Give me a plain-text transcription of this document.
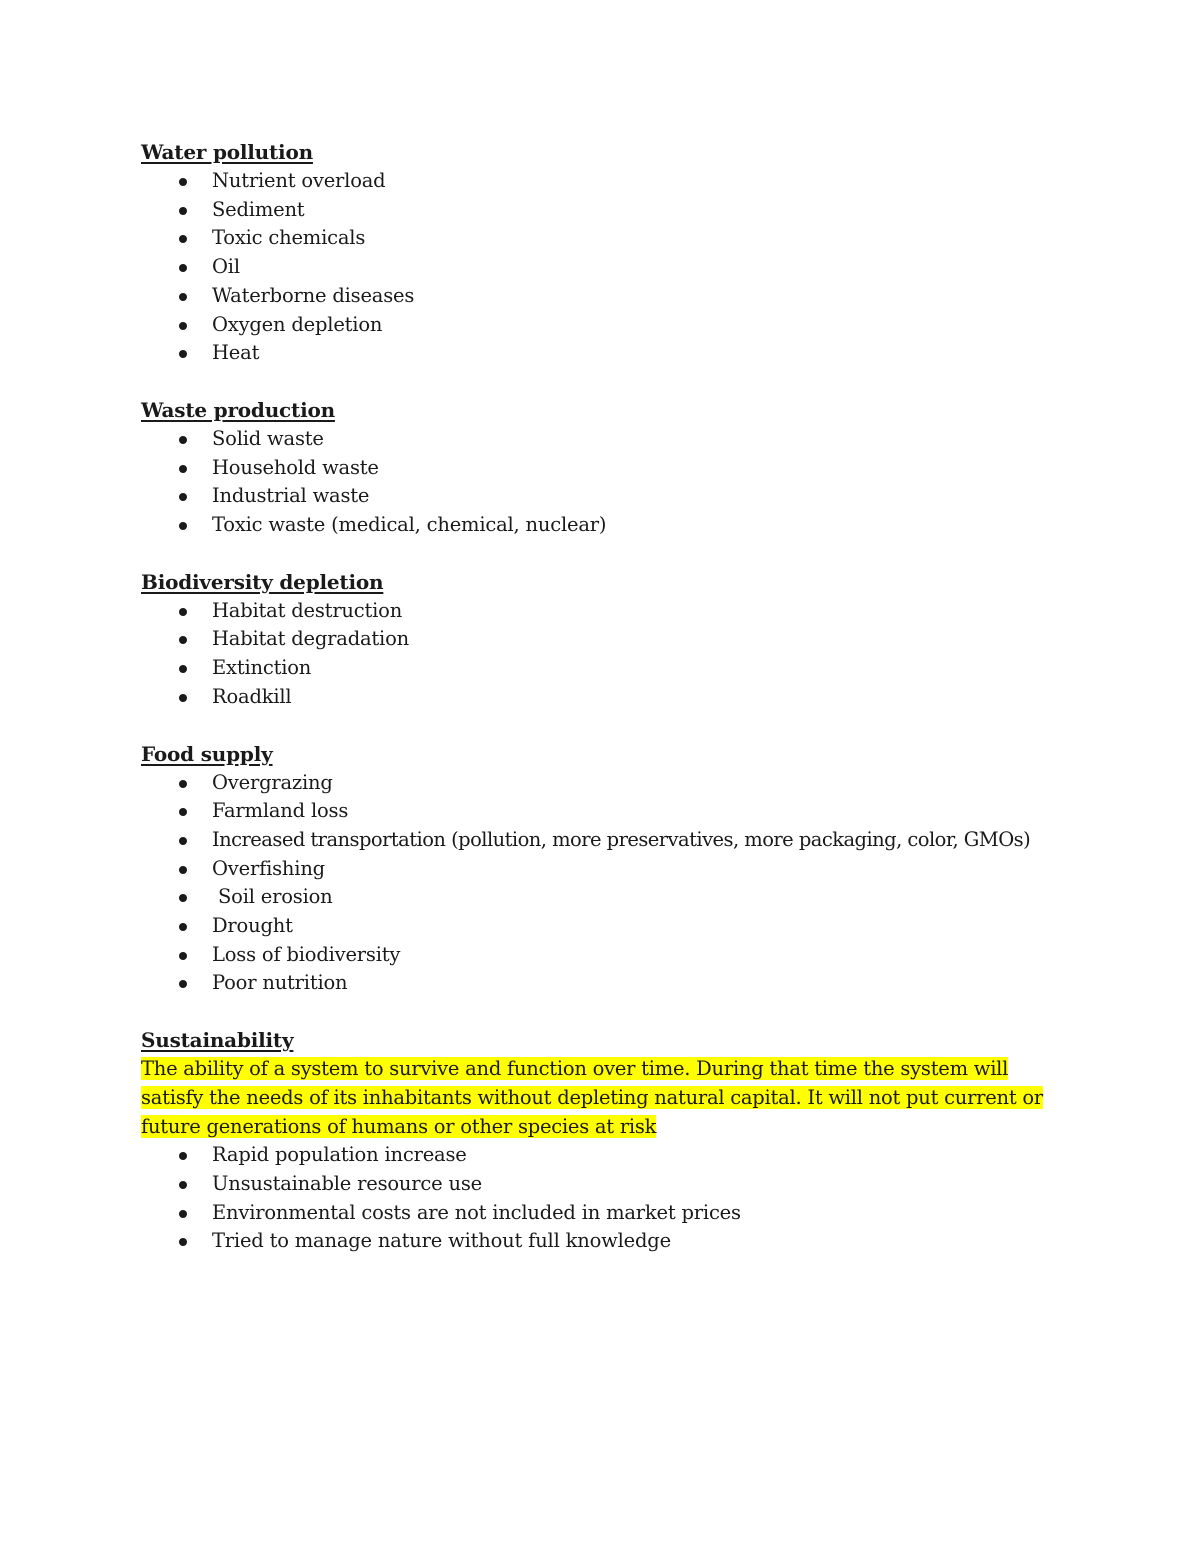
Water pollution

Nutrient overload
Sediment
Toxic chemicals
Oil
Waterborne diseases
Oxygen depletion
Heat

Waste production

Solid waste
Household waste
Industrial waste
Toxic waste (medical, chemical, nuclear)

Biodiversity depletion

Habitat destruction
Habitat degradation
Extinction
Roadkill

Food supply

Overgrazing
Farmland loss
Increased transportation (pollution, more preservatives, more packaging, color, GMOs)
Overfishing
Soil erosion
Drought
Loss of biodiversity
Poor nutrition

Sustainability

The ability of a system to survive and function over time. During that time the system will satisfy the needs of its inhabitants without depleting natural capital. It will not put current or future generations of humans or other species at risk

Rapid population increase
Unsustainable resource use
Environmental costs are not included in market prices
Tried to manage nature without full knowledge
